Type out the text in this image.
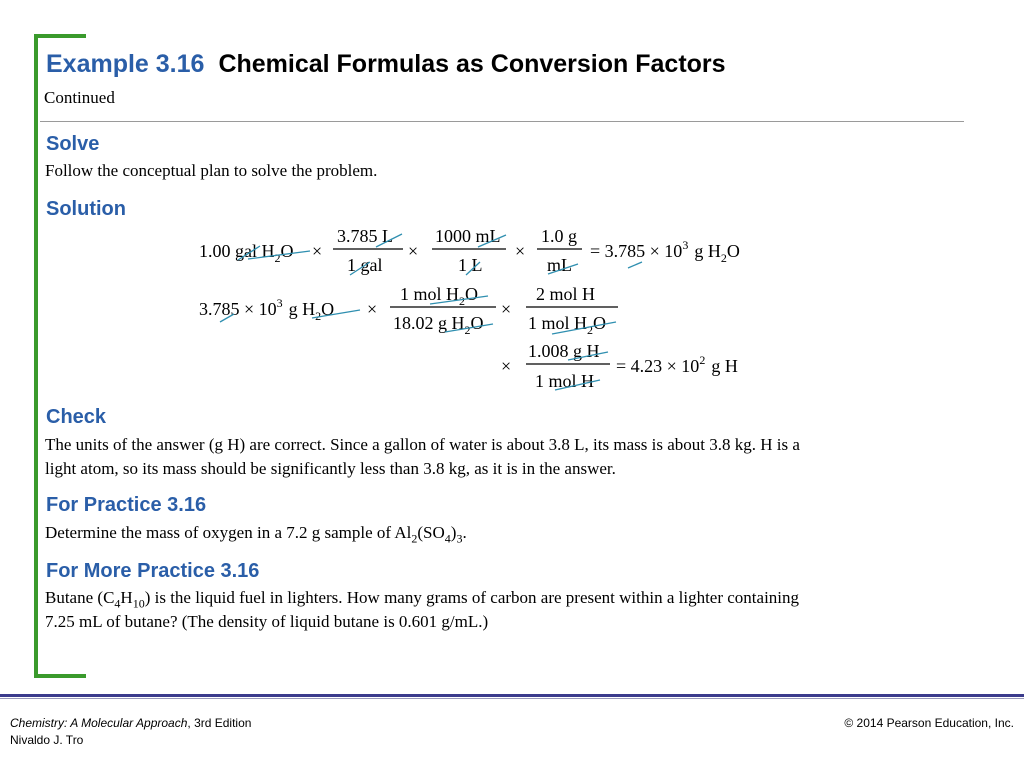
Example 3.16 Chemical Formulas as Conversion Factors
Continued
Solve
Follow the conceptual plan to solve the problem.
Solution
1.00 gal $H_2O$ ×
3.785 L
1 gal
×
1000 mL
1 L
×
1.0 g
mL
= $3.785 \times 10^3$ g $H_2O$
$3.785 \times 10^3$ g $H_2O$ ×
1 mol $H_2O$
18.02 g $H_2O$
×
2 mol H
1 mol $H_2O$
×
1.008 g H
1 mol H
= $4.23 \times 10^2$ g H
Check
The units of the answer (g H) are correct. Since a gallon of water is about 3.8 L, its mass is about 3.8 kg. H is a
light atom, so its mass should be significantly less than 3.8 kg, as it is in the answer.
For Practice 3.16
Determine the mass of oxygen in a 7.2 g sample of $Al_2(SO_4)_3$.
For More Practice 3.16
Butane $(C_4H_{10})$ is the liquid fuel in lighters. How many grams of carbon are present within a lighter containing
7.25 mL of butane? (The density of liquid butane is 0.601 g/mL.)
Chemistry: A Molecular Approach, 3rd Edition
Nivaldo J. Tro
© 2014 Pearson Education, Inc.
